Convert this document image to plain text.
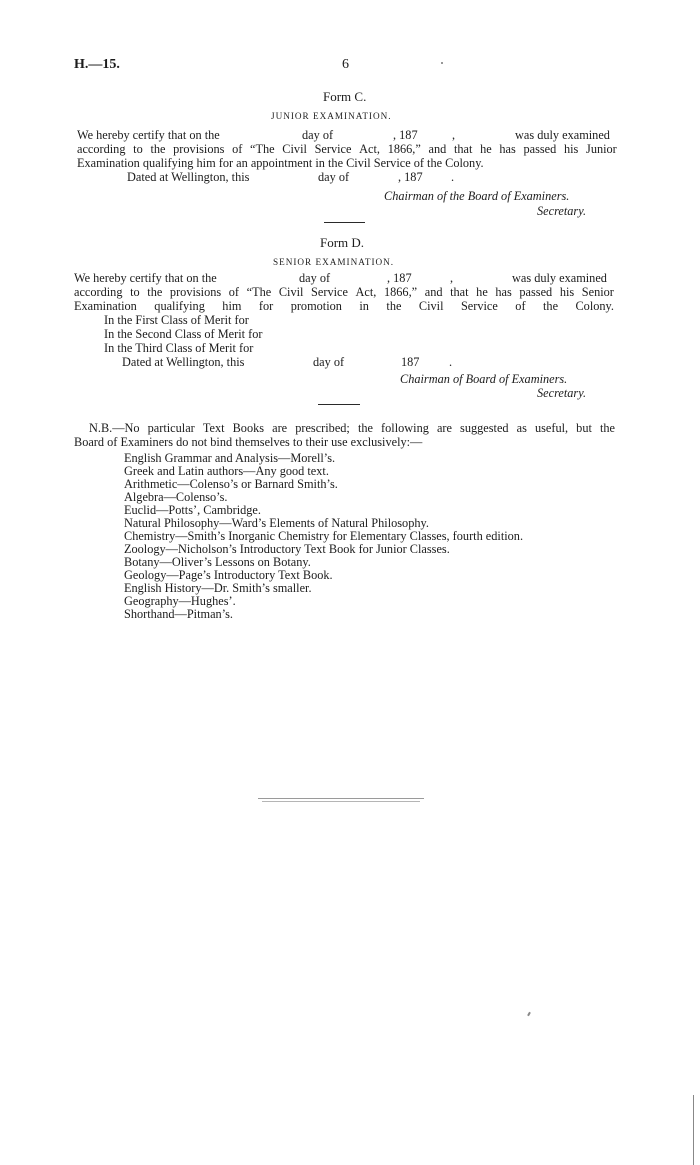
H.—15.	6
Form C.
JUNIOR EXAMINATION.
We hereby certify that on the	day of	, 187	,	was duly examined
according to the provisions of “The Civil Service Act, 1866,” and that he has passed his Junior
Examination qualifying him for an appointment in the Civil Service of the Colony.
Dated at Wellington, this	day of	, 187 .
Chairman of the Board of Examiners.
Secretary.
Form D.
SENIOR EXAMINATION.
We hereby certify that on the	day of	, 187	,	was duly examined
according to the provisions of “The Civil Service Act, 1866,” and that he has passed his Senior
Examination qualifying him for promotion in the Civil Service of the Colony.
In the First Class of Merit for
In the Second Class of Merit for
In the Third Class of Merit for
Dated at Wellington, this	day of	187 .
Chairman of Board of Examiners.
Secretary.
N.B.—No particular Text Books are prescribed; the following are suggested as useful, but the
Board of Examiners do not bind themselves to their use exclusively:—
English Grammar and Analysis—Morell’s.
Greek and Latin authors—Any good text.
Arithmetic—Colenso’s or Barnard Smith’s.
Algebra—Colenso’s.
Euclid—Potts’, Cambridge.
Natural Philosophy—Ward’s Elements of Natural Philosophy.
Chemistry—Smith’s Inorganic Chemistry for Elementary Classes, fourth edition.
Zoology—Nicholson’s Introductory Text Book for Junior Classes.
Botany—Oliver’s Lessons on Botany.
Geology—Page’s Introductory Text Book.
English History—Dr. Smith’s smaller.
Geography—Hughes’.
Shorthand—Pitman’s.
